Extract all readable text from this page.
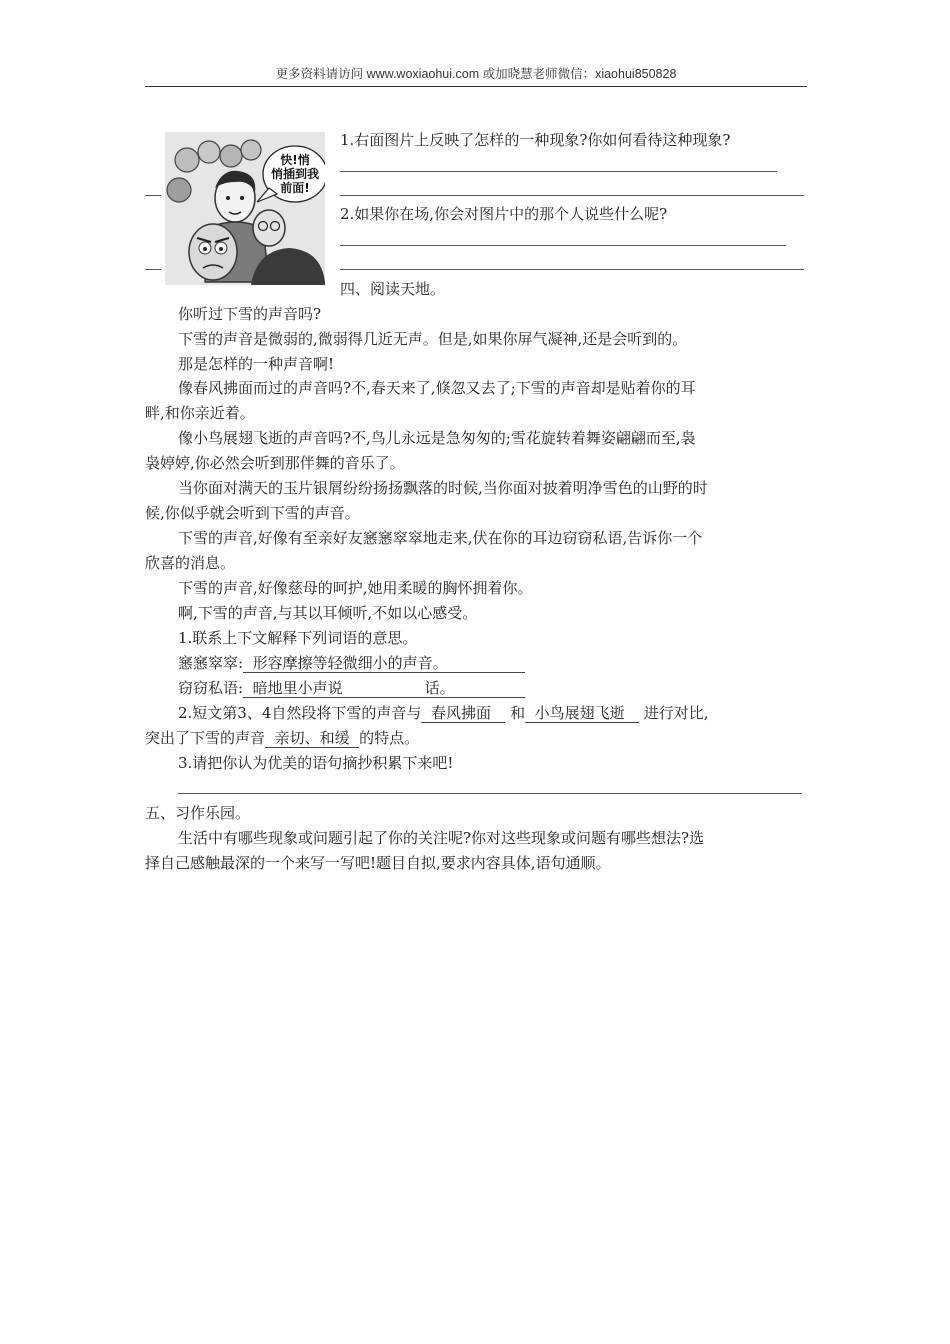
更多资料请访问 www.woxiaohui.com 或加晓慧老师微信：xiaohui850828
快!悄
悄插到我
前面!
1.右面图片上反映了怎样的一种现象?你如何看待这种现象?
2.如果你在场,你会对图片中的那个人说些什么呢?
四、阅读天地。
你听过下雪的声音吗?
下雪的声音是微弱的,微弱得几近无声。但是,如果你屏气凝神,还是会听到的。
那是怎样的一种声音啊!
像春风拂面而过的声音吗?不,春天来了,倏忽又去了;下雪的声音却是贴着你的耳
畔,和你亲近着。
像小鸟展翅飞逝的声音吗?不,鸟儿永远是急匆匆的;雪花旋转着舞姿翩翩而至,袅
袅婷婷,你必然会听到那伴舞的音乐了。
当你面对满天的玉片银屑纷纷扬扬飘落的时候,当你面对披着明净雪色的山野的时
候,你似乎就会听到下雪的声音。
下雪的声音,好像有至亲好友窸窸窣窣地走来,伏在你的耳边窃窃私语,告诉你一个
欣喜的消息。
下雪的声音,好像慈母的呵护,她用柔暖的胸怀拥着你。
啊,下雪的声音,与其以耳倾听,不如以心感受。
1.联系上下文解释下列词语的意思。
窸窸窣窣: 形容摩擦等轻微细小的声音。
窃窃私语: 暗地里小声说	话。
2.短文第3、4自然段将下雪的声音与 春风拂面 和 小鸟展翅飞逝 进行对比,
突出了下雪的声音 亲切、和缓 的特点。
3.请把你认为优美的语句摘抄积累下来吧!
五、习作乐园。
生活中有哪些现象或问题引起了你的关注呢?你对这些现象或问题有哪些想法?选
择自己感触最深的一个来写一写吧!题目自拟,要求内容具体,语句通顺。
